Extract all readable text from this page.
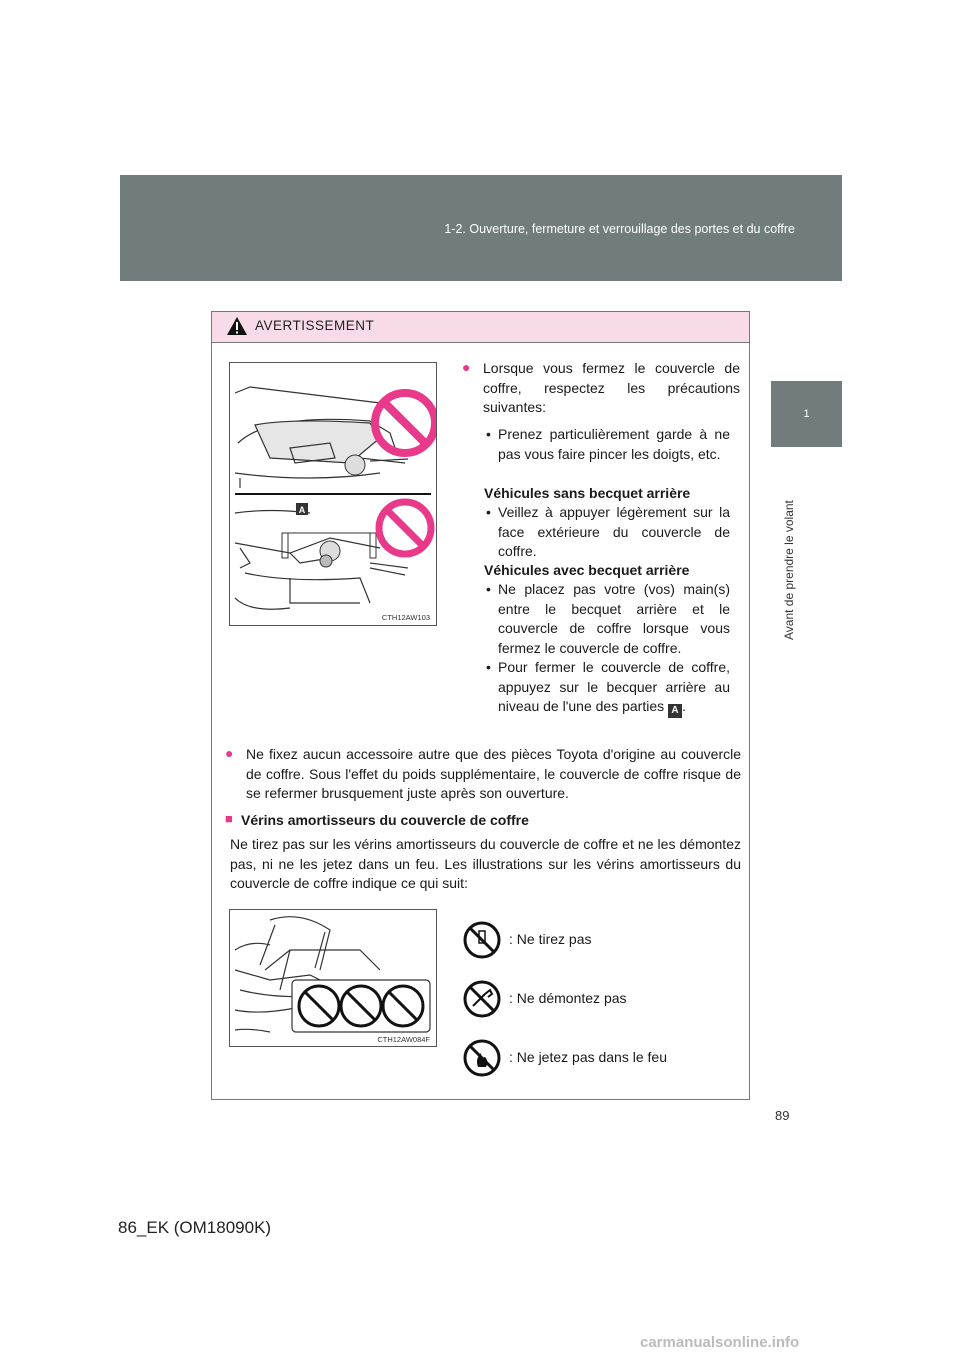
1-2. Ouverture, fermeture et verrouillage des portes et du coffre
1
Avant de prendre le volant
AVERTISSEMENT
A
CTH12AW103
● Lorsque vous fermez le couvercle de coffre, respectez les précautions suivantes:
• Prenez particulièrement garde à ne pas vous faire pincer les doigts, etc.
Véhicules sans becquet arrière
• Veillez à appuyer légèrement sur la face extérieure du couvercle de coffre.
Véhicules avec becquet arrière
• Ne placez pas votre (vos) main(s) entre le becquet arrière et le couvercle de coffre lorsque vous fermez le couvercle de coffre.
• Pour fermer le couvercle de coffre, appuyez sur le becquer arrière au niveau de l'une des parties A .
● Ne fixez aucun accessoire autre que des pièces Toyota d'origine au couvercle de coffre. Sous l'effet du poids supplémentaire, le couvercle de coffre risque de se refermer brusquement juste après son ouverture.
■ Vérins amortisseurs du couvercle de coffre
Ne tirez pas sur les vérins amortisseurs du couvercle de coffre et ne les démontez pas, ni ne les jetez dans un feu. Les illustrations sur les vérins amortisseurs du couvercle de coffre indique ce qui suit:
CTH12AW084F
: Ne tirez pas
: Ne démontez pas
: Ne jetez pas dans le feu
89
86_EK (OM18090K)
carmanualsonline.info
